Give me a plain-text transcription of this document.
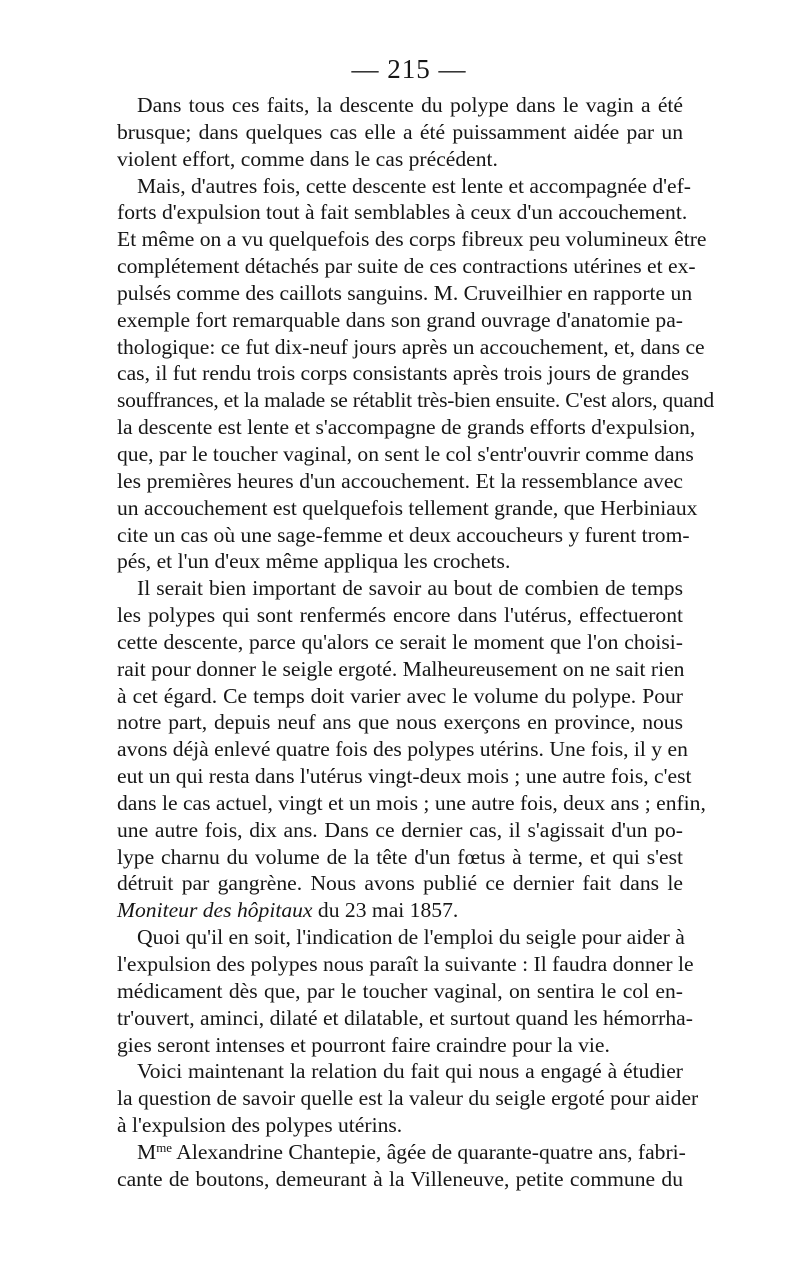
— 215 —
Dans tous ces faits, la descente du polype dans le vagin a été
brusque; dans quelques cas elle a été puissamment aidée par un
violent effort, comme dans le cas précédent.
Mais, d'autres fois, cette descente est lente et accompagnée d'ef-
forts d'expulsion tout à fait semblables à ceux d'un accouchement.
Et même on a vu quelquefois des corps fibreux peu volumineux être
complétement détachés par suite de ces contractions utérines et ex-
pulsés comme des caillots sanguins. M. Cruveilhier en rapporte un
exemple fort remarquable dans son grand ouvrage d'anatomie pa-
thologique: ce fut dix-neuf jours après un accouchement, et, dans ce
cas, il fut rendu trois corps consistants après trois jours de grandes
souffrances, et la malade se rétablit très-bien ensuite. C'est alors, quand
la descente est lente et s'accompagne de grands efforts d'expulsion,
que, par le toucher vaginal, on sent le col s'entr'ouvrir comme dans
les premières heures d'un accouchement. Et la ressemblance avec
un accouchement est quelquefois tellement grande, que Herbiniaux
cite un cas où une sage-femme et deux accoucheurs y furent trom-
pés, et l'un d'eux même appliqua les crochets.
Il serait bien important de savoir au bout de combien de temps
les polypes qui sont renfermés encore dans l'utérus, effectueront
cette descente, parce qu'alors ce serait le moment que l'on choisi-
rait pour donner le seigle ergoté. Malheureusement on ne sait rien
à cet égard. Ce temps doit varier avec le volume du polype. Pour
notre part, depuis neuf ans que nous exerçons en province, nous
avons déjà enlevé quatre fois des polypes utérins. Une fois, il y en
eut un qui resta dans l'utérus vingt-deux mois ; une autre fois, c'est
dans le cas actuel, vingt et un mois ; une autre fois, deux ans ; enfin,
une autre fois, dix ans. Dans ce dernier cas, il s'agissait d'un po-
lype charnu du volume de la tête d'un fœtus à terme, et qui s'est
détruit par gangrène. Nous avons publié ce dernier fait dans le
Moniteur des hôpitaux du 23 mai 1857.
Quoi qu'il en soit, l'indication de l'emploi du seigle pour aider à
l'expulsion des polypes nous paraît la suivante : Il faudra donner le
médicament dès que, par le toucher vaginal, on sentira le col en-
tr'ouvert, aminci, dilaté et dilatable, et surtout quand les hémorrha-
gies seront intenses et pourront faire craindre pour la vie.
Voici maintenant la relation du fait qui nous a engagé à étudier
la question de savoir quelle est la valeur du seigle ergoté pour aider
à l'expulsion des polypes utérins.
$M^{me}$ Alexandrine Chantepie, âgée de quarante-quatre ans, fabri-
cante de boutons, demeurant à la Villeneuve, petite commune du
